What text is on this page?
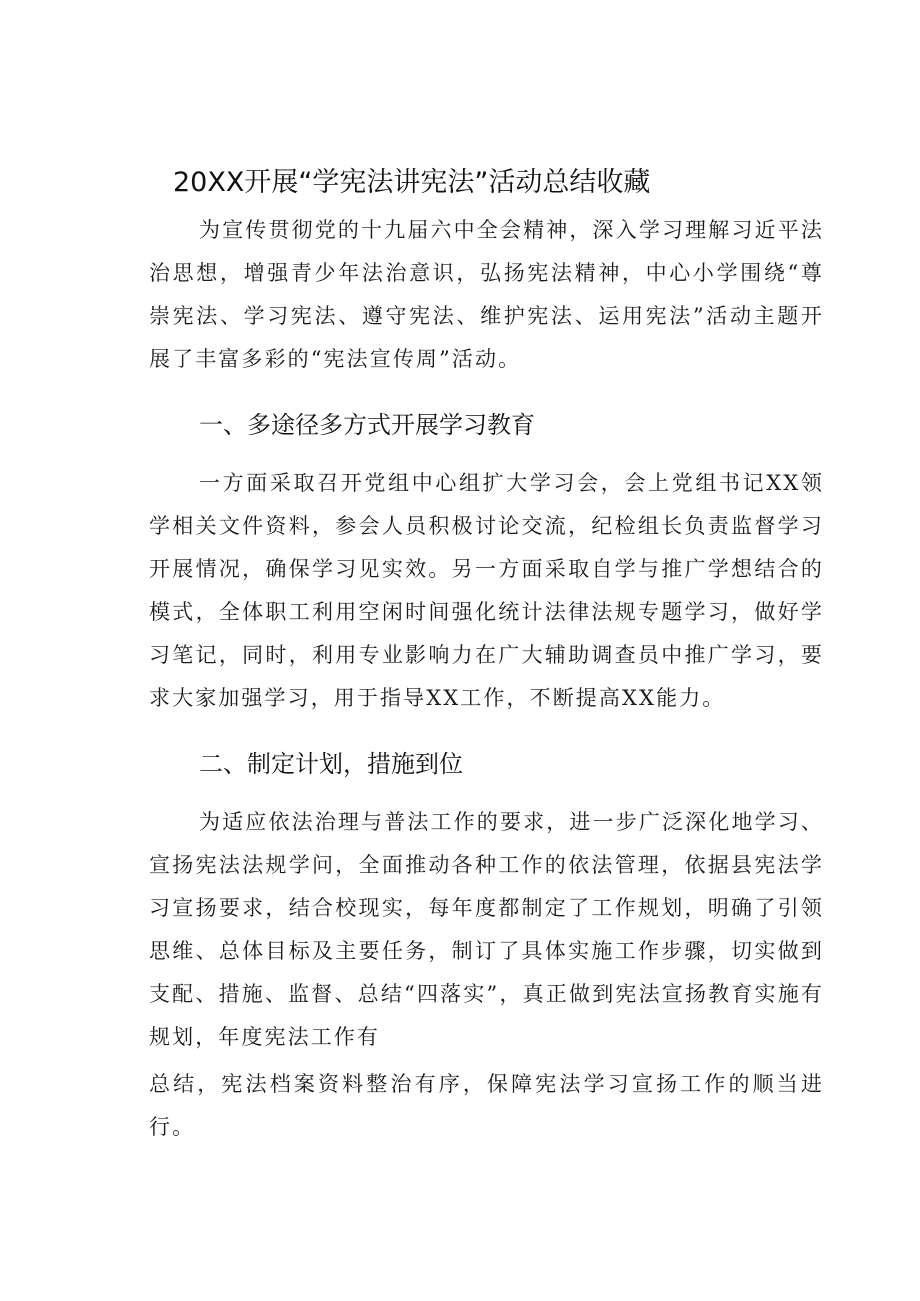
20XX开展“学宪法讲宪法”活动总结收藏

为宣传贯彻党的十九届六中全会精神，深入学习理解习近平法治思想，增强青少年法治意识，弘扬宪法精神，中心小学围绕“尊崇宪法、学习宪法、遵守宪法、维护宪法、运用宪法”活动主题开展了丰富多彩的“宪法宣传周”活动。

一、多途径多方式开展学习教育

一方面采取召开党组中心组扩大学习会，会上党组书记XX领学相关文件资料，参会人员积极讨论交流，纪检组长负责监督学习开展情况，确保学习见实效。另一方面采取自学与推广学想结合的模式，全体职工利用空闲时间强化统计法律法规专题学习，做好学习笔记，同时，利用专业影响力在广大辅助调查员中推广学习，要求大家加强学习，用于指导XX工作，不断提高XX能力。

二、制定计划，措施到位

为适应依法治理与普法工作的要求，进一步广泛深化地学习、宣扬宪法法规学问，全面推动各种工作的依法管理，依据县宪法学习宣扬要求，结合校现实，每年度都制定了工作规划，明确了引领思维、总体目标及主要任务，制订了具体实施工作步骤，切实做到支配、措施、监督、总结“四落实”，真正做到宪法宣扬教育实施有规划，年度宪法工作有

总结，宪法档案资料整治有序，保障宪法学习宣扬工作的顺当进行。
